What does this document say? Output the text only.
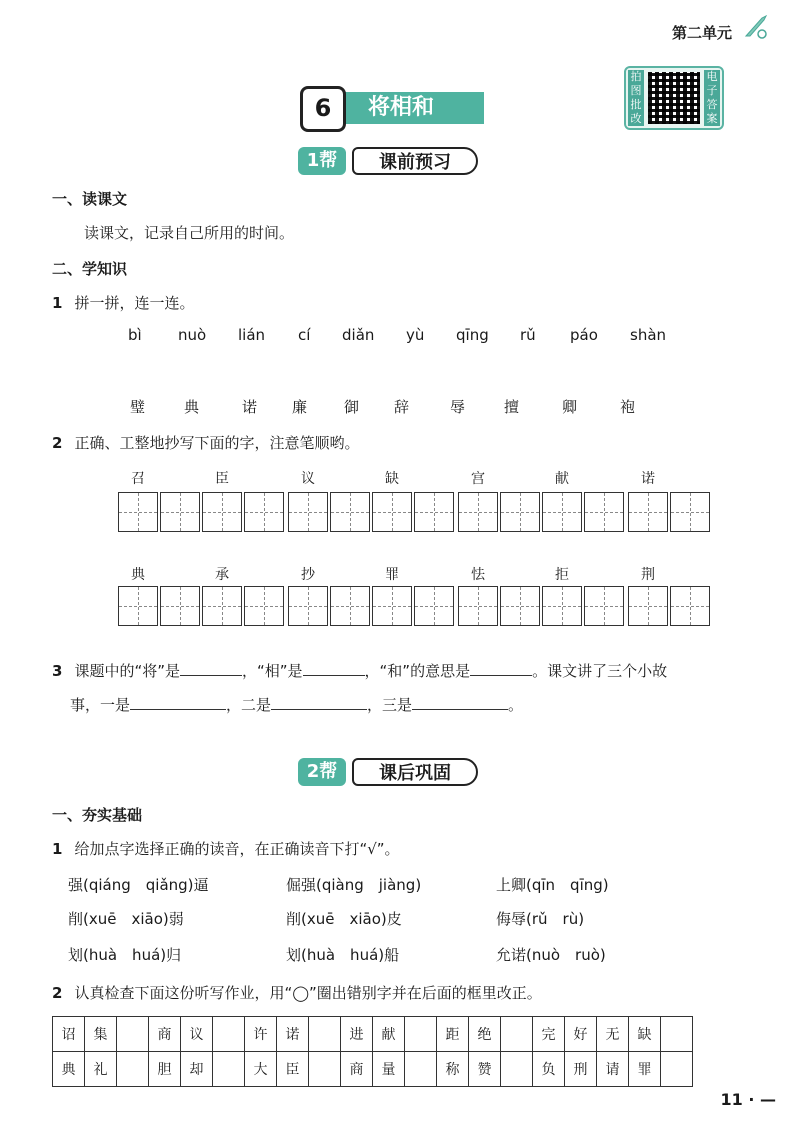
第二单元
拍图批改
电子答案
将相和
6
1帮	课前预习
一、读课文
读课文，记录自己所用的时间。
二、学知识
1 拼一拼，连一连。
bì nuò lián cí diǎn yù qīng rǔ páo shàn
璧	典	诺 廉 御 辞	辱	擅	卿	袍
2 正确、工整地抄写下面的字，注意笔顺哟。
召	臣	议	缺	宫	献	诺
典	承	抄	罪	怯	拒	荆
3 课题中的“将”是	，“相”是	，“和”的意思是	。课文讲了三个小故
事，一是	，二是	，三是	。
2帮	课后巩固
一、夯实基础
1 给加点字选择正确的读音，在正确读音下打“√”。
强(qiáng　qiǎng)逼	倔强(qiàng　jiàng)	上卿(qīn　qīng)
削(xuē　xiāo)弱	削(xuē　xiāo)皮	侮辱(rǔ　rù)
划(huà　huá)归	划(huà　huá)船	允诺(nuò　ruò)
2 认真检查下面这份听写作业，用“◯”圈出错别字并在后面的框里改正。
诏	集		商	议		许	诺		进	献		距	绝		完	好	无	缺	
典	礼		胆	却		大	臣		商	量		称	赞		负	刑	请	罪	
11 · —
